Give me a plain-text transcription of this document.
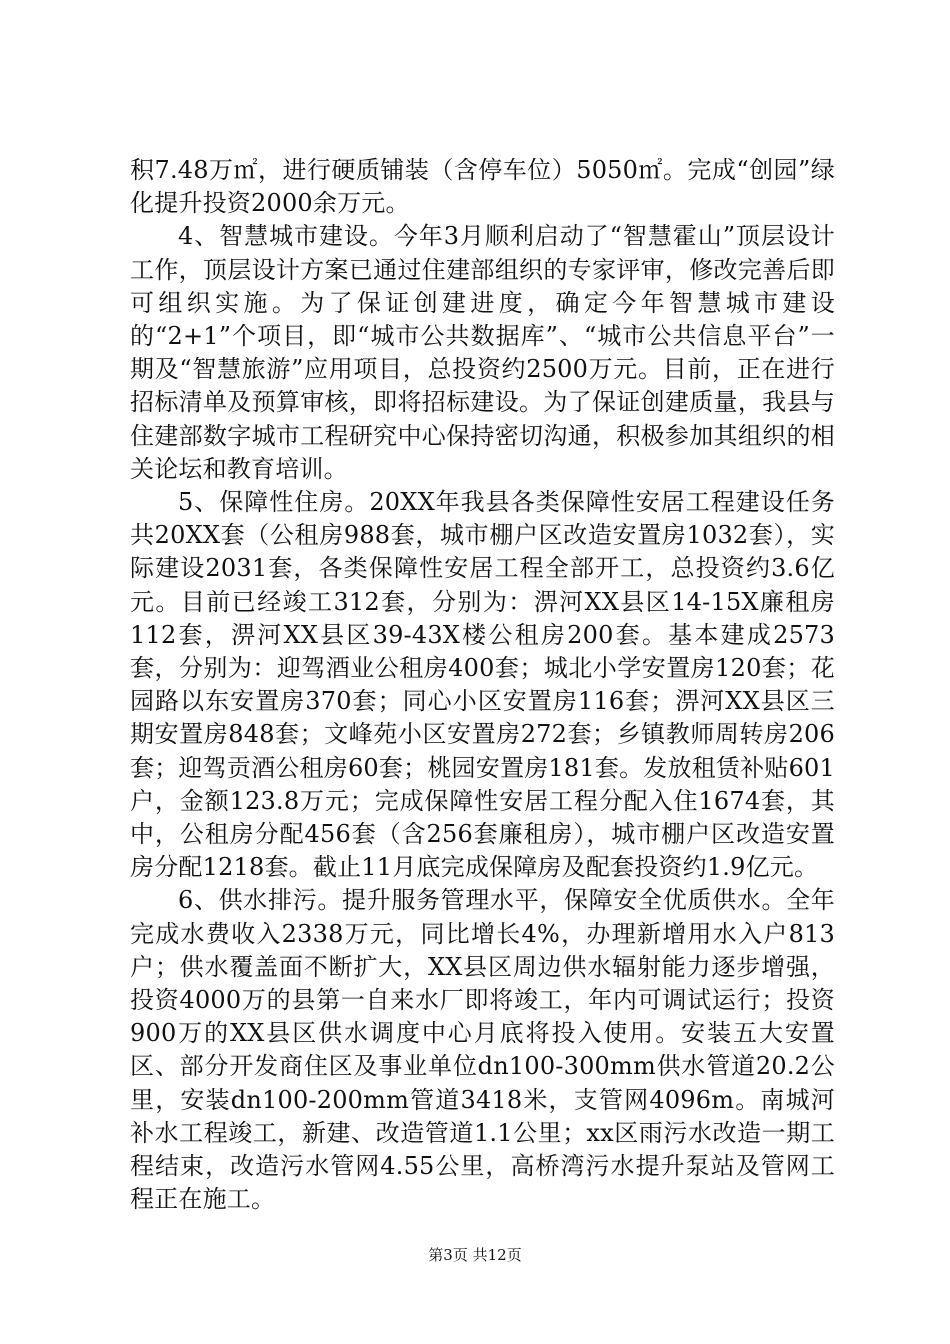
积7.48万㎡，进行硬质铺装（含停车位）5050㎡。完成“创园”绿化提升投资2000余万元。

4、智慧城市建设。今年3月顺利启动了“智慧霍山”顶层设计工作，顶层设计方案已通过住建部组织的专家评审，修改完善后即可组织实施。为了保证创建进度，确定今年智慧城市建设的“2+1”个项目，即“城市公共数据库”、“城市公共信息平台”一期及“智慧旅游”应用项目，总投资约2500万元。目前，正在进行招标清单及预算审核，即将招标建设。为了保证创建质量，我县与住建部数字城市工程研究中心保持密切沟通，积极参加其组织的相关论坛和教育培训。

5、保障性住房。20XX年我县各类保障性安居工程建设任务共20XX套（公租房988套，城市棚户区改造安置房1032套），实际建设2031套，各类保障性安居工程全部开工，总投资约3.6亿元。目前已经竣工312套，分别为：淠河XX县区14-15X廉租房112套，淠河XX县区39-43X楼公租房200套。基本建成2573套，分别为：迎驾酒业公租房400套；城北小学安置房120套；花园路以东安置房370套；同心小区安置房116套；淠河XX县区三期安置房848套；文峰苑小区安置房272套；乡镇教师周转房206套；迎驾贡酒公租房60套；桃园安置房181套。发放租赁补贴601户，金额123.8万元；完成保障性安居工程分配入住1674套，其中，公租房分配456套（含256套廉租房），城市棚户区改造安置房分配1218套。截止11月底完成保障房及配套投资约1.9亿元。

6、供水排污。提升服务管理水平，保障安全优质供水。全年完成水费收入2338万元，同比增长4%，办理新增用水入户813户；供水覆盖面不断扩大，XX县区周边供水辐射能力逐步增强，投资4000万的县第一自来水厂即将竣工，年内可调试运行；投资900万的XX县区供水调度中心月底将投入使用。安装五大安置区、部分开发商住区及事业单位dn100-300mm供水管道20.2公里，安装dn100-200mm管道3418米，支管网4096m。南城河补水工程竣工，新建、改造管道1.1公里；xx区雨污水改造一期工程结束，改造污水管网4.55公里，高桥湾污水提升泵站及管网工程正在施工。

第3页 共12页
